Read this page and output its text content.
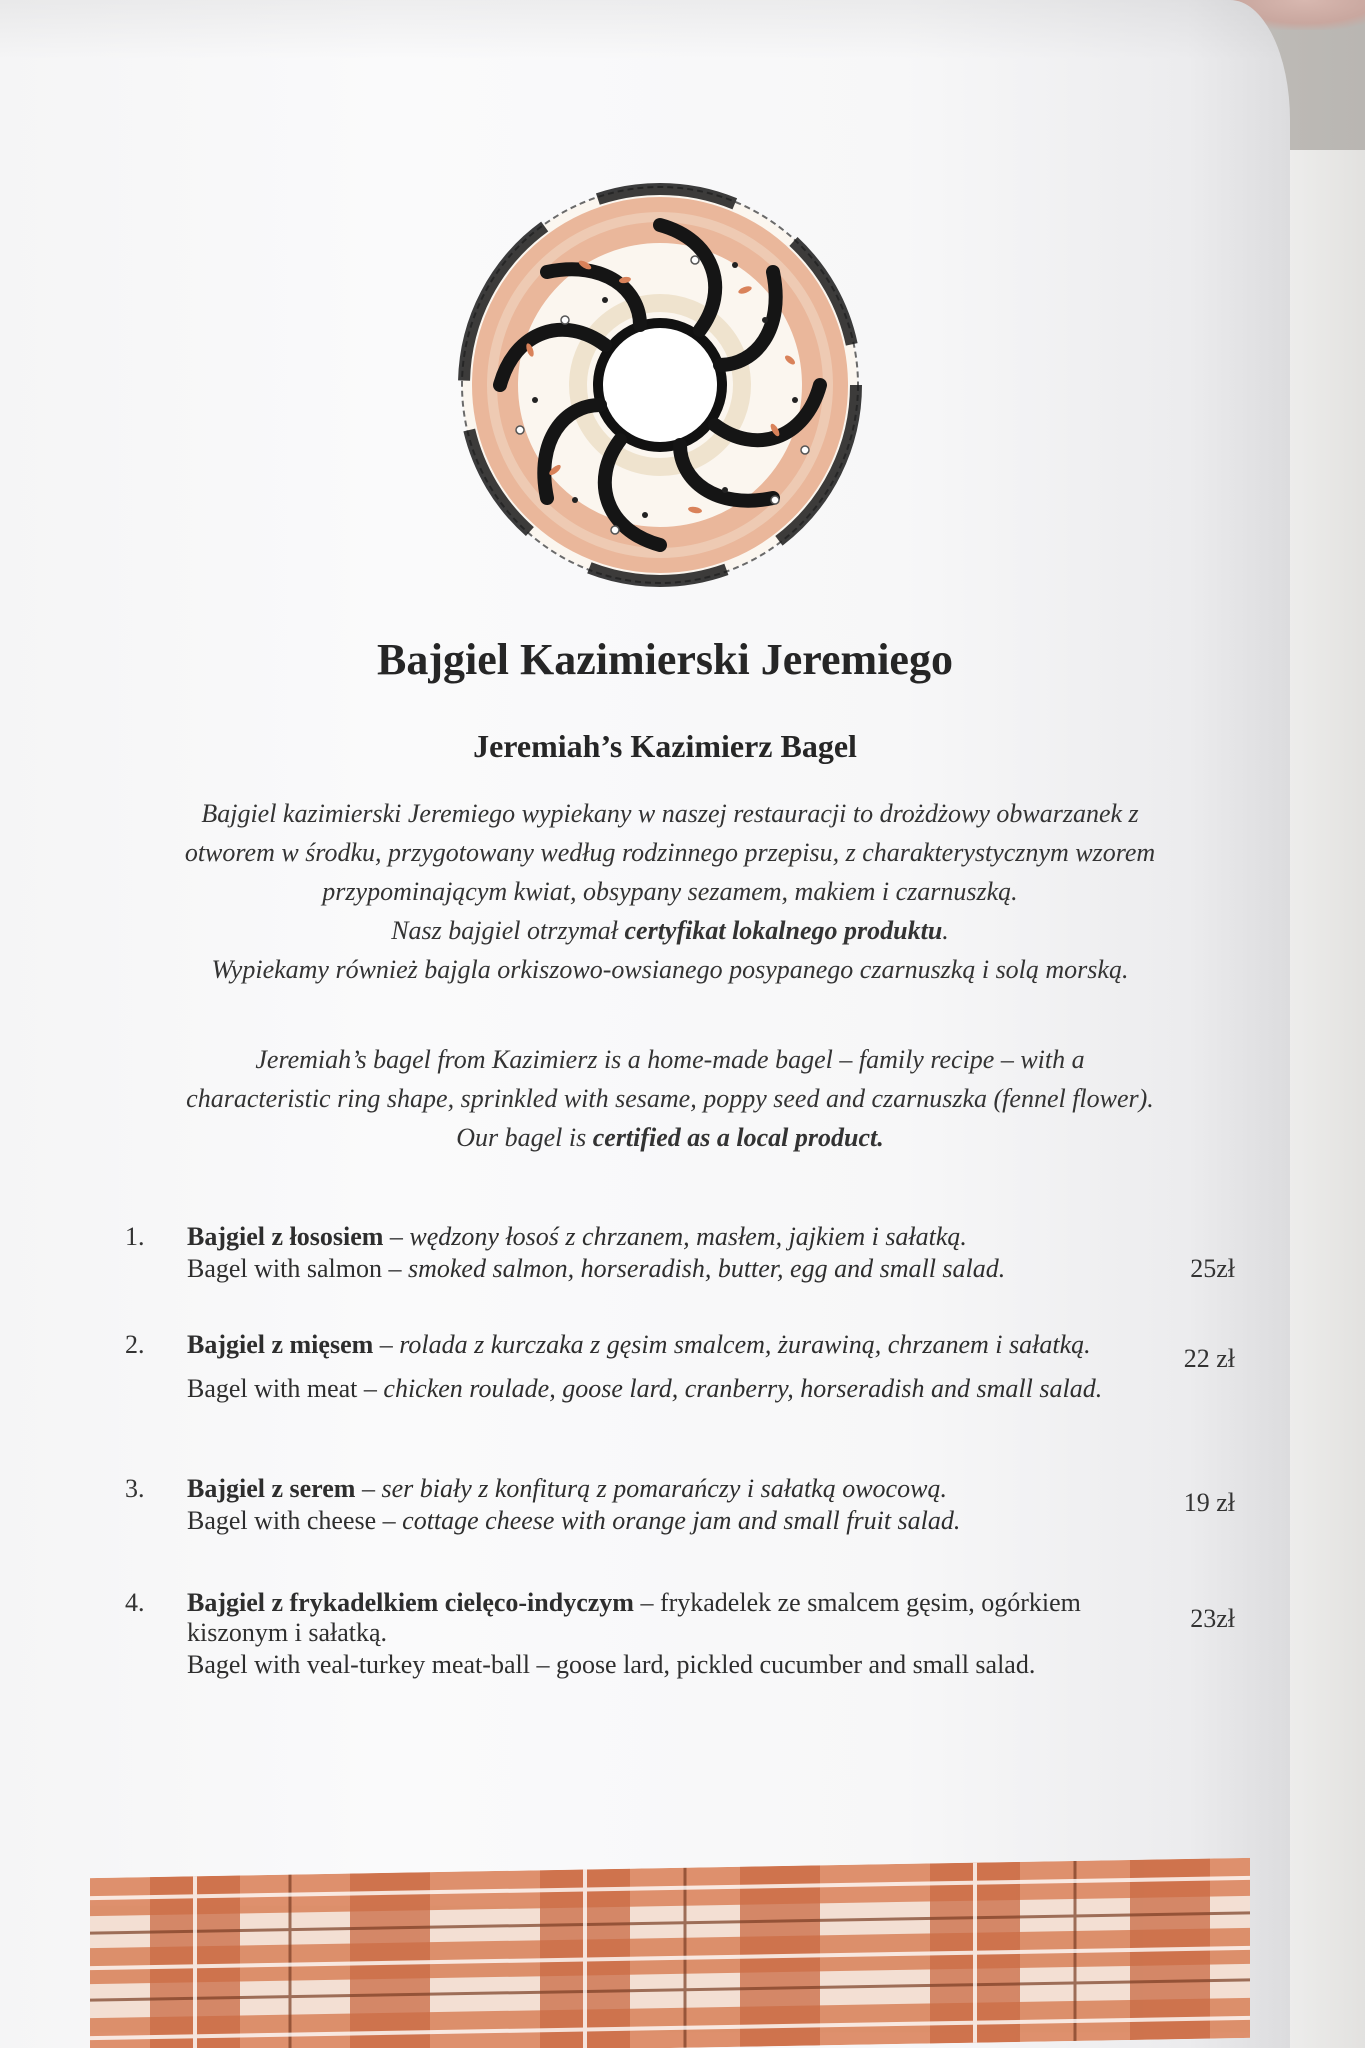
Bajgiel Kazimierski Jeremiego
Jeremiah’s Kazimierz Bagel
Bajgiel kazimierski Jeremiego wypiekany w naszej restauracji to drożdżowy obwarzanek z
otworem w środku, przygotowany według rodzinnego przepisu, z charakterystycznym wzorem
przypominającym kwiat, obsypany sezamem, makiem i czarnuszką.
Nasz bajgiel otrzymał certyfikat lokalnego produktu.
Wypiekamy również bajgla orkiszowo-owsianego posypanego czarnuszką i solą morską.
Jeremiah’s bagel from Kazimierz is a home-made bagel – family recipe – with a
characteristic ring shape, sprinkled with sesame, poppy seed and czarnuszka (fennel flower).
Our bagel is certified as a local product.
1. Bajgiel z łososiem – wędzony łosoś z chrzanem, masłem, jajkiem i sałatką.
Bagel with salmon – smoked salmon, horseradish, butter, egg and small salad.	25zł
2. Bajgiel z mięsem – rolada z kurczaka z gęsim smalcem, żurawiną, chrzanem i sałatką.
Bagel with meat – chicken roulade, goose lard, cranberry, horseradish and small salad.
22 zł
3. Bajgiel z serem – ser biały z konfiturą z pomarańczy i sałatką owocową.
Bagel with cheese – cottage cheese with orange jam and small fruit salad.
19 zł
4. Bajgiel z frykadelkiem cielęco-indyczym – frykadelek ze smalcem gęsim, ogórkiem kiszonym i sałatką.
Bagel with veal-turkey meat-ball – goose lard, pickled cucumber and small salad.
23zł
